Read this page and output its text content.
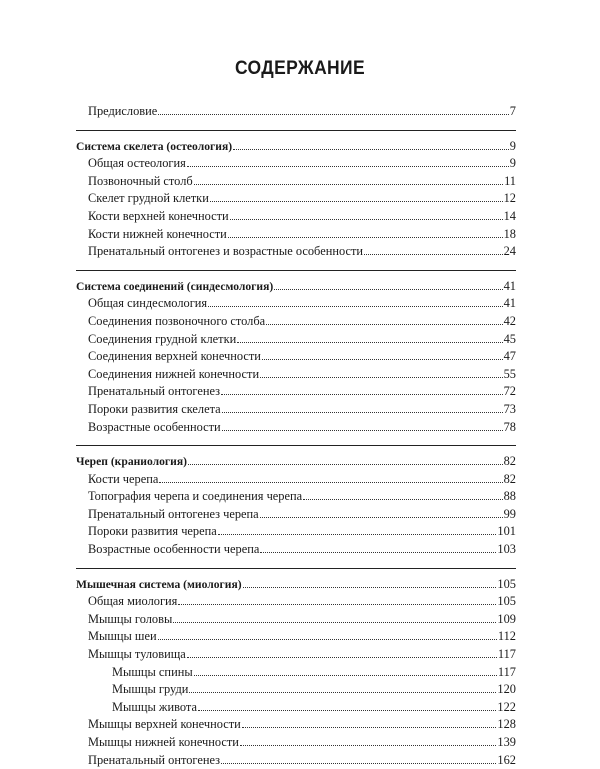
СОДЕРЖАНИЕ
Предисловие	7
Система скелета (остеология)	9
Общая остеология	9
Позвоночный столб	11
Скелет грудной клетки	12
Кости верхней конечности	14
Кости нижней конечности	18
Пренатальный онтогенез и возрастные особенности	24
Система соединений (синдесмология)	41
Общая синдесмология	41
Соединения позвоночного столба	42
Соединения грудной клетки	45
Соединения верхней конечности	47
Соединения нижней конечности	55
Пренатальный онтогенез	72
Пороки развития скелета	73
Возрастные особенности	78
Череп (краниология)	82
Кости черепа	82
Топография черепа и соединения черепа	88
Пренатальный онтогенез черепа	99
Пороки развития черепа	101
Возрастные особенности черепа	103
Мышечная система (миология)	105
Общая миология	105
Мышцы головы	109
Мышцы шеи	112
Мышцы туловища	117
Мышцы спины	117
Мышцы груди	120
Мышцы живота	122
Мышцы верхней конечности	128
Мышцы нижней конечности	139
Пренатальный онтогенез	162
